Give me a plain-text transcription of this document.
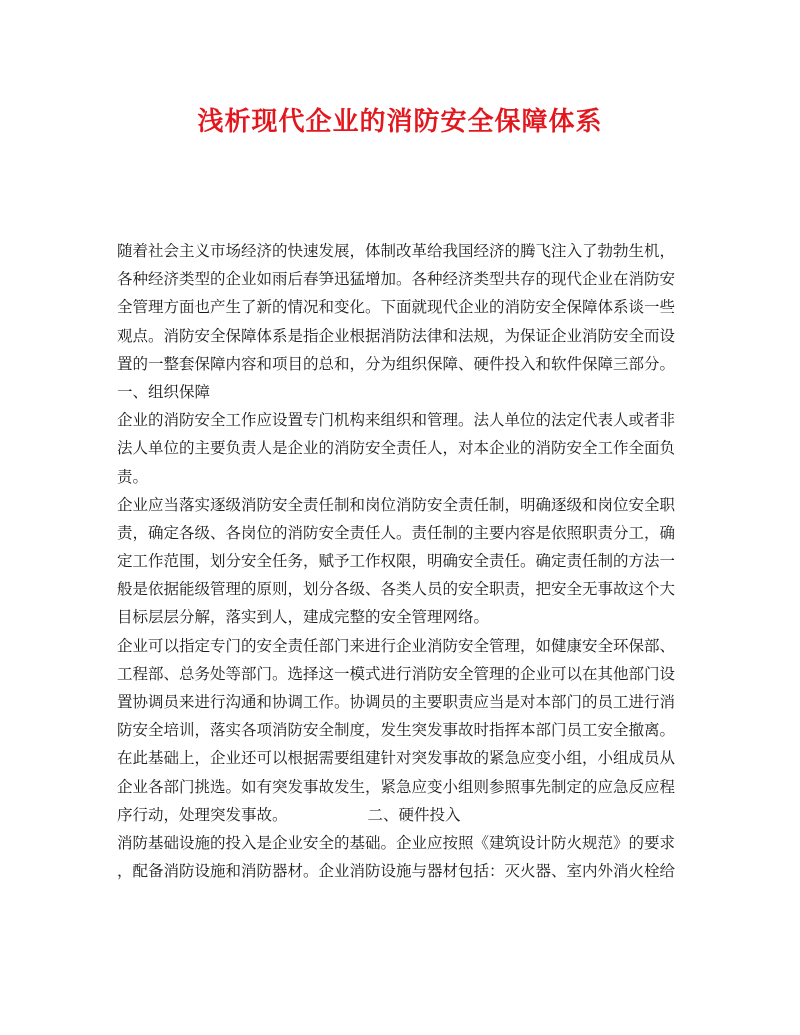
浅析现代企业的消防安全保障体系
随着社会主义市场经济的快速发展，体制改革给我国经济的腾飞注入了勃勃生机，
各种经济类型的企业如雨后春笋迅猛增加。各种经济类型共存的现代企业在消防安
全管理方面也产生了新的情况和变化。下面就现代企业的消防安全保障体系谈一些
观点。消防安全保障体系是指企业根据消防法律和法规，为保证企业消防安全而设
置的一整套保障内容和项目的总和，分为组织保障、硬件投入和软件保障三部分。
一、组织保障
企业的消防安全工作应设置专门机构来组织和管理。法人单位的法定代表人或者非
法人单位的主要负责人是企业的消防安全责任人，对本企业的消防安全工作全面负
责。
企业应当落实逐级消防安全责任制和岗位消防安全责任制，明确逐级和岗位安全职
责，确定各级、各岗位的消防安全责任人。责任制的主要内容是依照职责分工，确
定工作范围，划分安全任务，赋予工作权限，明确安全责任。确定责任制的方法一
般是依据能级管理的原则，划分各级、各类人员的安全职责，把安全无事故这个大
目标层层分解，落实到人，建成完整的安全管理网络。
企业可以指定专门的安全责任部门来进行企业消防安全管理，如健康安全环保部、
工程部、总务处等部门。选择这一模式进行消防安全管理的企业可以在其他部门设
置协调员来进行沟通和协调工作。协调员的主要职责应当是对本部门的员工进行消
防安全培训，落实各项消防安全制度，发生突发事故时指挥本部门员工安全撤离。
在此基础上，企业还可以根据需要组建针对突发事故的紧急应变小组，小组成员从
企业各部门挑选。如有突发事故发生，紧急应变小组则参照事先制定的应急反应程
序行动，处理突发事故。	二、硬件投入
消防基础设施的投入是企业安全的基础。企业应按照《建筑设计防火规范》的要求
，配备消防设施和消防器材。企业消防设施与器材包括：灭火器、室内外消火栓给
